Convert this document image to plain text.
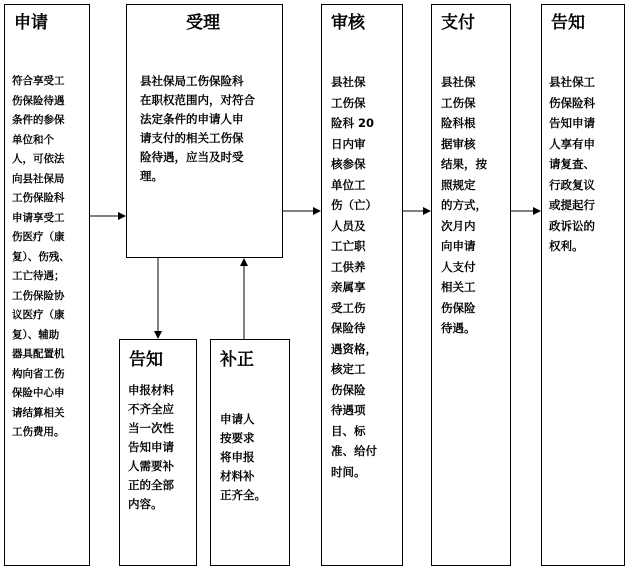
申请	受理	审核	支付	告知
告知	补正
符合享受工
伤保险待遇
条件的参保
单位和个
人，可依法
向县社保局
工伤保险科
申请享受工
伤医疗（康
复）、伤残、
工亡待遇；
工伤保险协
议医疗（康
复）、辅助
器具配置机
构向省工伤
保险中心申
请结算相关
工伤费用。
县社保局工伤保险科
在职权范围内，对符合
法定条件的申请人申
请支付的相关工伤保
险待遇，应当及时受
理。
县社保
工伤保
险科 20
日内审
核参保
单位工
伤（亡）
人员及
工亡职
工供养
亲属享
受工伤
保险待
遇资格，
核定工
伤保险
待遇项
目、标
准、给付
时间。
县社保
工伤保
险科根
据审核
结果，按
照规定
的方式，
次月内
向申请
人支付
相关工
伤保险
待遇。
县社保工
伤保险科
告知申请
人享有申
请复查、
行政复议
或提起行
政诉讼的
权利。
申报材料
不齐全应
当一次性
告知申请
人需要补
正的全部
内容。
申请人
按要求
将申报
材料补
正齐全。
